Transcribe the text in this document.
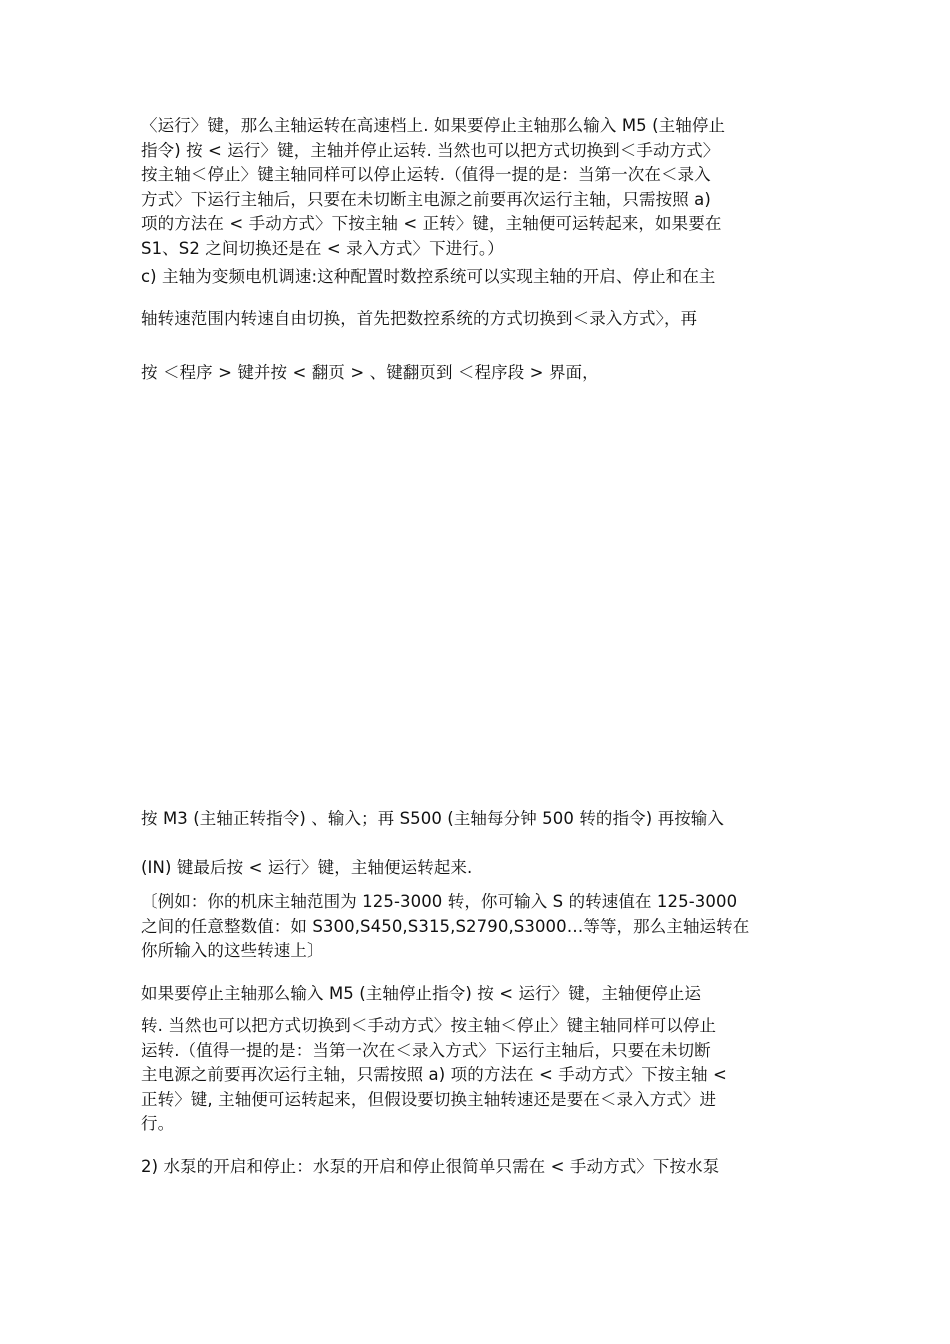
〈运行〉键，那么主轴运转在高速档上. 如果要停止主轴那么输入 M5 (主轴停止
指令) 按 < 运行〉键，主轴并停止运转. 当然也可以把方式切换到＜手动方式〉
按主轴＜停止〉键主轴同样可以停止运转.（值得一提的是：当第一次在＜录入
方式〉下运行主轴后，只要在未切断主电源之前要再次运行主轴，只需按照 a)
项的方法在 < 手动方式〉下按主轴 < 正转〉键，主轴便可运转起来，如果要在
S1、S2 之间切换还是在 < 录入方式〉下进行。）
c) 主轴为变频电机调速:这种配置时数控系统可以实现主轴的开启、停止和在主
轴转速范围内转速自由切换，首先把数控系统的方式切换到＜录入方式〉，再
按 ＜程序 > 键并按 < 翻页 > 、键翻页到 ＜程序段 > 界面，
按 M3 (主轴正转指令) 、输入；再 S500 (主轴每分钟 500 转的指令) 再按输入
(IN) 键最后按 < 运行〉键，主轴便运转起来.
〔例如：你的机床主轴范围为 125-3000 转，你可输入 S 的转速值在 125-3000
之间的任意整数值：如 S300,S450,S315,S2790,S3000…等等，那么主轴运转在
你所输入的这些转速上〕
如果要停止主轴那么输入 M5 (主轴停止指令) 按 < 运行〉键，主轴便停止运
转. 当然也可以把方式切换到＜手动方式〉按主轴＜停止〉键主轴同样可以停止
运转.（值得一提的是：当第一次在＜录入方式〉下运行主轴后，只要在未切断
主电源之前要再次运行主轴，只需按照 a) 项的方法在 < 手动方式〉下按主轴 <
正转〉键, 主轴便可运转起来，但假设要切换主轴转速还是要在＜录入方式〉进
行。
2) 水泵的开启和停止：水泵的开启和停止很简单只需在 < 手动方式〉下按水泵
